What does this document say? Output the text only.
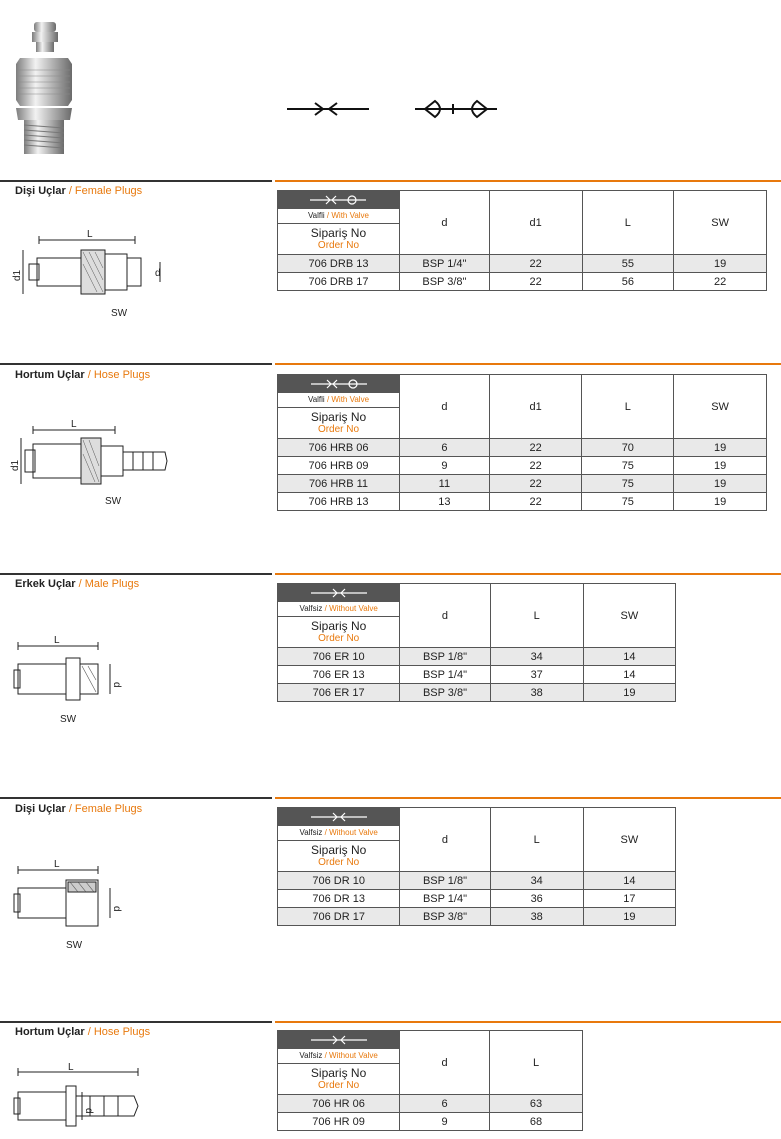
Dişi Uçlar / Female Plugs
L
d1	d
SW
Valfli / With Valve
Sipariş No
Order No	d	d1	L	SW
706 DRB 13	BSP 1/4"	22	55	19
706 DRB 17	BSP 3/8"	22	56	22
Hortum Uçlar / Hose Plugs
L
d1
SW
Valfli / With Valve
Sipariş No
Order No	d	d1	L	SW
706 HRB 06	6	22	70	19
706 HRB 09	9	22	75	19
706 HRB 11	11	22	75	19
706 HRB 13	13	22	75	19
Erkek Uçlar / Male Plugs
L
d
SW
Valfsiz / Without Valve
Sipariş No
Order No	d	L	SW
706 ER 10	BSP 1/8"	34	14
706 ER 13	BSP 1/4"	37	14
706 ER 17	BSP 3/8"	38	19
Dişi Uçlar / Female Plugs
L
d
SW
Valfsiz / Without Valve
Sipariş No
Order No	d	L	SW
706 DR 10	BSP 1/8"	34	14
706 DR 13	BSP 1/4"	36	17
706 DR 17	BSP 3/8"	38	19
Hortum Uçlar / Hose Plugs
L
d
Valfsiz / Without Valve
Sipariş No
Order No	d	L
706 HR 06	6	63
706 HR 09	9	68
